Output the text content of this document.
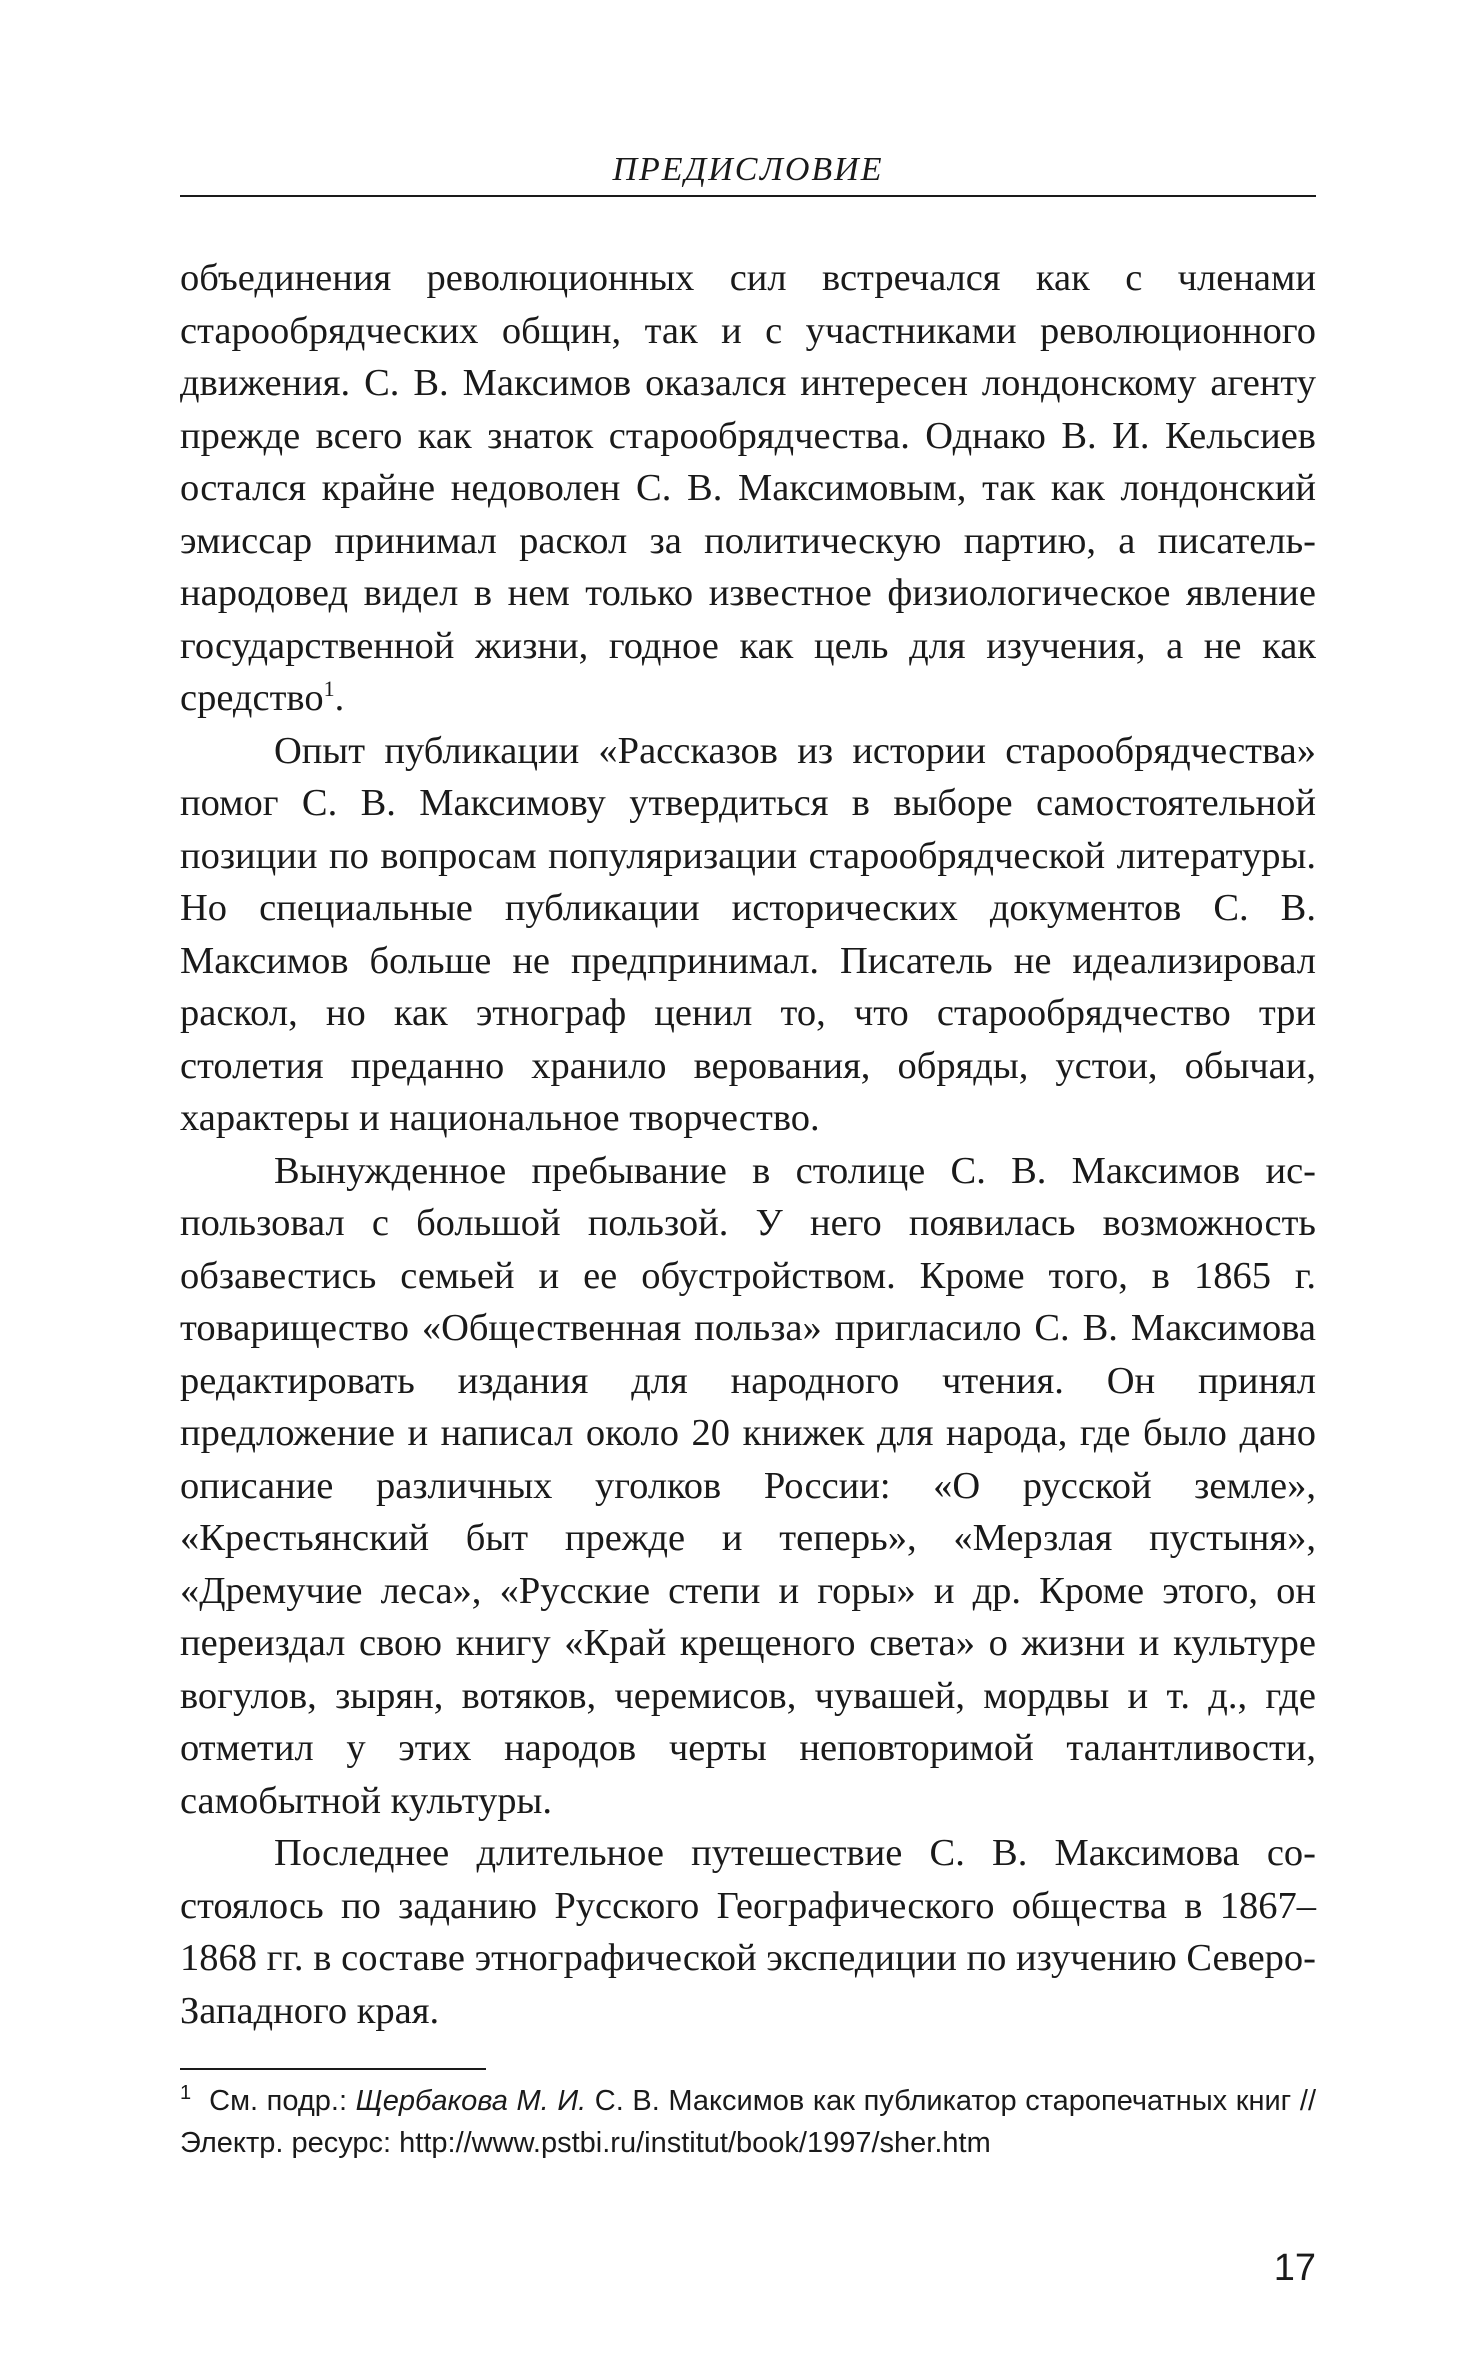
ПРЕДИСЛОВИЕ

объединения революционных сил встречался как с членами старообрядческих общин, так и с участниками революционного движения. С. В. Максимов оказался интересен лондонскому агенту прежде всего как знаток старообрядчества. Однако В. И. Кельсиев остался крайне недоволен С. В. Максимовым, так как лондонский эмиссар принимал раскол за политическую партию, а писатель-народовед видел в нем только известное физиологическое явление государственной жизни, годное как цель для изучения, а не как средство$^1$.

Опыт публикации «Рассказов из истории старообрядчества» помог С. В. Максимову утвердиться в выборе самостоятельной позиции по вопросам популяризации старообрядческой литературы. Но специальные публикации исторических документов С. В. Максимов больше не предпринимал. Писатель не идеализировал раскол, но как этнограф ценил то, что старообрядчество три столетия преданно хранило верования, обряды, устои, обычаи, характеры и национальное творчество.

Вынужденное пребывание в столице С. В. Максимов использовал с большой пользой. У него появилась возможность обзавестись семьей и ее обустройством. Кроме того, в 1865 г. товарищество «Общественная польза» пригласило С. В. Максимова редактировать издания для народного чтения. Он принял предложение и написал около 20 книжек для народа, где было дано описание различных уголков России: «О русской земле», «Крестьянский быт прежде и теперь», «Мерзлая пустыня», «Дремучие леса», «Русские степи и горы» и др. Кроме этого, он переиздал свою книгу «Край крещеного света» о жизни и культуре вогулов, зырян, вотяков, черемисов, чувашей, мордвы и т. д., где отметил у этих народов черты неповторимой талантливости, самобытной культуры.

Последнее длительное путешествие С. В. Максимова состоялось по заданию Русского Географического общества в 1867–1868 гг. в составе этнографической экспедиции по изучению Северо-Западного края.

$^1$ См. подр.: Щербакова М. И. С. В. Максимов как публикатор старопечатных книг // Электр. ресурс: http://www.pstbi.ru/institut/book/1997/sher.htm
17
